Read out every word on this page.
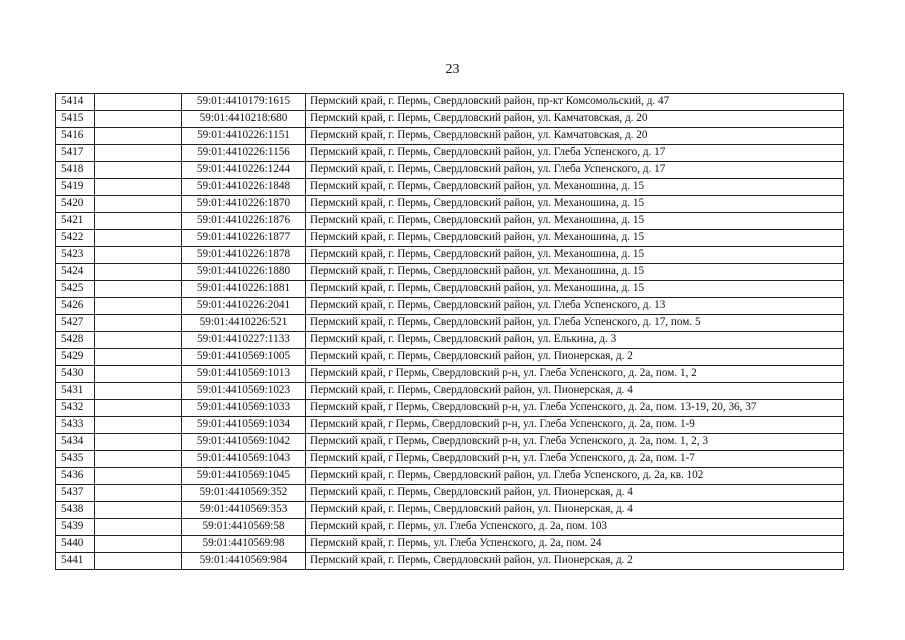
23
5414		59:01:4410179:1615	Пермский край, г. Пермь, Свердловский район, пр-кт Комсомольский, д. 47
5415		59:01:4410218:680	Пермский край, г. Пермь, Свердловский район, ул. Камчатовская, д. 20
5416		59:01:4410226:1151	Пермский край, г. Пермь, Свердловский район, ул. Камчатовская, д. 20
5417		59:01:4410226:1156	Пермский край, г. Пермь, Свердловский район, ул. Глеба Успенского, д. 17
5418		59:01:4410226:1244	Пермский край, г. Пермь, Свердловский район, ул. Глеба Успенского, д. 17
5419		59:01:4410226:1848	Пермский край, г. Пермь, Свердловский район, ул. Механошина, д. 15
5420		59:01:4410226:1870	Пермский край, г. Пермь, Свердловский район, ул. Механошина, д. 15
5421		59:01:4410226:1876	Пермский край, г. Пермь, Свердловский район, ул. Механошина, д. 15
5422		59:01:4410226:1877	Пермский край, г. Пермь, Свердловский район, ул. Механошина, д. 15
5423		59:01:4410226:1878	Пермский край, г. Пермь, Свердловский район, ул. Механошина, д. 15
5424		59:01:4410226:1880	Пермский край, г. Пермь, Свердловский район, ул. Механошина, д. 15
5425		59:01:4410226:1881	Пермский край, г. Пермь, Свердловский район, ул. Механошина, д. 15
5426		59:01:4410226:2041	Пермский край, г. Пермь, Свердловский район, ул. Глеба Успенского, д. 13
5427		59:01:4410226:521	Пермский край, г. Пермь, Свердловский район, ул. Глеба Успенского, д. 17, пом. 5
5428		59:01:4410227:1133	Пермский край, г. Пермь, Свердловский район, ул. Елькина, д. 3
5429		59:01:4410569:1005	Пермский край, г. Пермь, Свердловский район, ул. Пионерская, д. 2
5430		59:01:4410569:1013	Пермский край, г Пермь, Свердловский р-н, ул. Глеба Успенского, д. 2а, пом. 1, 2
5431		59:01:4410569:1023	Пермский край, г. Пермь, Свердловский район, ул. Пионерская, д. 4
5432		59:01:4410569:1033	Пермский край, г Пермь, Свердловский р-н, ул. Глеба Успенского, д. 2а, пом. 13-19, 20, 36, 37
5433		59:01:4410569:1034	Пермский край, г Пермь, Свердловский р-н, ул. Глеба Успенского, д. 2а, пом. 1-9
5434		59:01:4410569:1042	Пермский край, г Пермь, Свердловский р-н, ул. Глеба Успенского, д. 2а, пом. 1, 2, 3
5435		59:01:4410569:1043	Пермский край, г Пермь, Свердловский р-н, ул. Глеба Успенского, д. 2а, пом. 1-7
5436		59:01:4410569:1045	Пермский край, г. Пермь, Свердловский район, ул. Глеба Успенского, д. 2а, кв. 102
5437		59:01:4410569:352	Пермский край, г. Пермь, Свердловский район, ул. Пионерская, д. 4
5438		59:01:4410569:353	Пермский край, г. Пермь, Свердловский район, ул. Пионерская, д. 4
5439		59:01:4410569:58	Пермский край, г. Пермь, ул. Глеба Успенского, д. 2а, пом. 103
5440		59:01:4410569:98	Пермский край, г. Пермь, ул. Глеба Успенского, д. 2а, пом. 24
5441		59:01:4410569:984	Пермский край, г. Пермь, Свердловский район, ул. Пионерская, д. 2
